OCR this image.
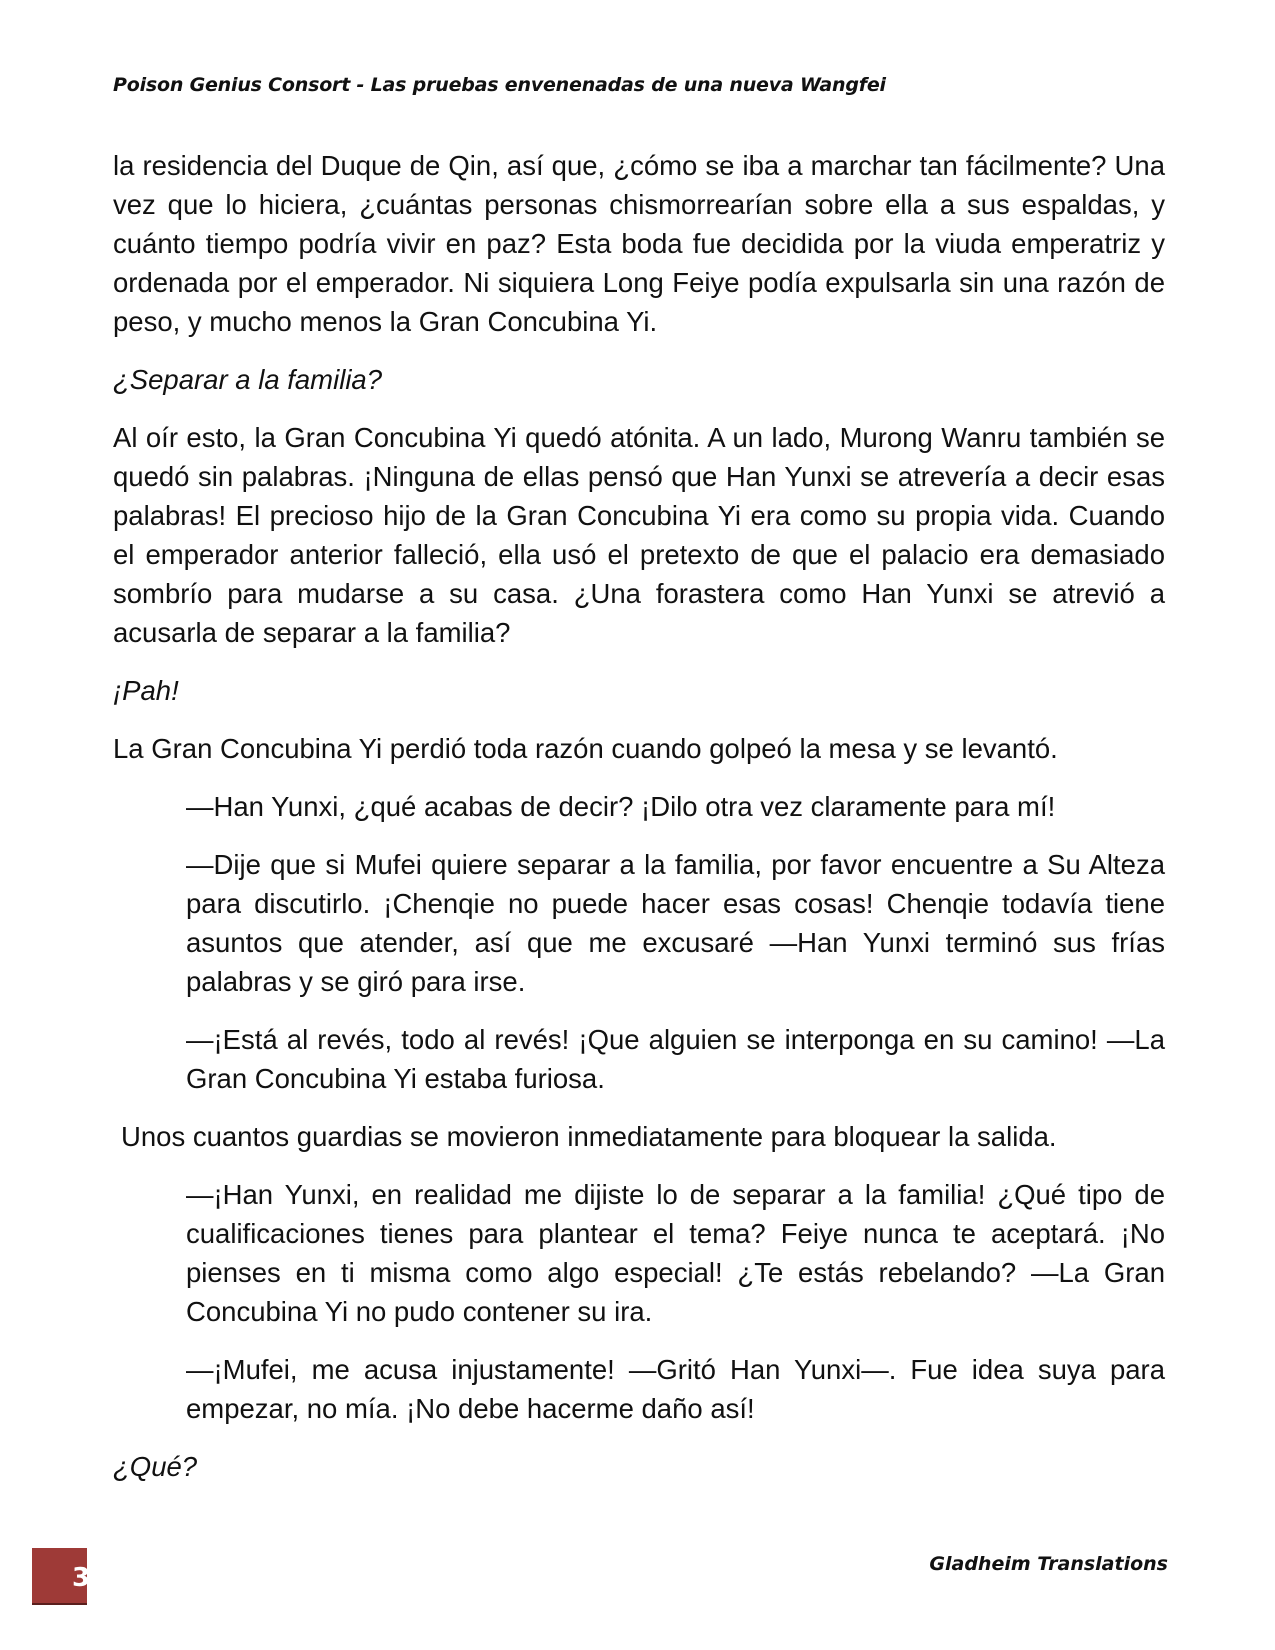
Poison Genius Consort - Las pruebas envenenadas de una nueva Wangfei

la residencia del Duque de Qin, así que, ¿cómo se iba a marchar tan fácilmente? Una vez que lo hiciera, ¿cuántas personas chismorrearían sobre ella a sus espaldas, y cuánto tiempo podría vivir en paz? Esta boda fue decidida por la viuda emperatriz y ordenada por el emperador. Ni siquiera Long Feiye podía expulsarla sin una razón de peso, y mucho menos la Gran Concubina Yi.

¿Separar a la familia?

Al oír esto, la Gran Concubina Yi quedó atónita. A un lado, Murong Wanru también se quedó sin palabras. ¡Ninguna de ellas pensó que Han Yunxi se atrevería a decir esas palabras! El precioso hijo de la Gran Concubina Yi era como su propia vida. Cuando el emperador anterior falleció, ella usó el pretexto de que el palacio era demasiado sombrío para mudarse a su casa. ¿Una forastera como Han Yunxi se atrevió a acusarla de separar a la familia?

¡Pah!

La Gran Concubina Yi perdió toda razón cuando golpeó la mesa y se levantó.

—Han Yunxi, ¿qué acabas de decir? ¡Dilo otra vez claramente para mí!

—Dije que si Mufei quiere separar a la familia, por favor encuentre a Su Alteza para discutirlo. ¡Chenqie no puede hacer esas cosas! Chenqie todavía tiene asuntos que atender, así que me excusaré —Han Yunxi terminó sus frías palabras y se giró para irse.

—¡Está al revés, todo al revés! ¡Que alguien se interponga en su camino! —La Gran Concubina Yi estaba furiosa.

Unos cuantos guardias se movieron inmediatamente para bloquear la salida.

—¡Han Yunxi, en realidad me dijiste lo de separar a la familia! ¿Qué tipo de cualificaciones tienes para plantear el tema? Feiye nunca te aceptará. ¡No pienses en ti misma como algo especial! ¿Te estás rebelando? —La Gran Concubina Yi no pudo contener su ira.

—¡Mufei, me acusa injustamente! —Gritó Han Yunxi—. Fue idea suya para empezar, no mía. ¡No debe hacerme daño así!

¿Qué?

3	Gladheim Translations
